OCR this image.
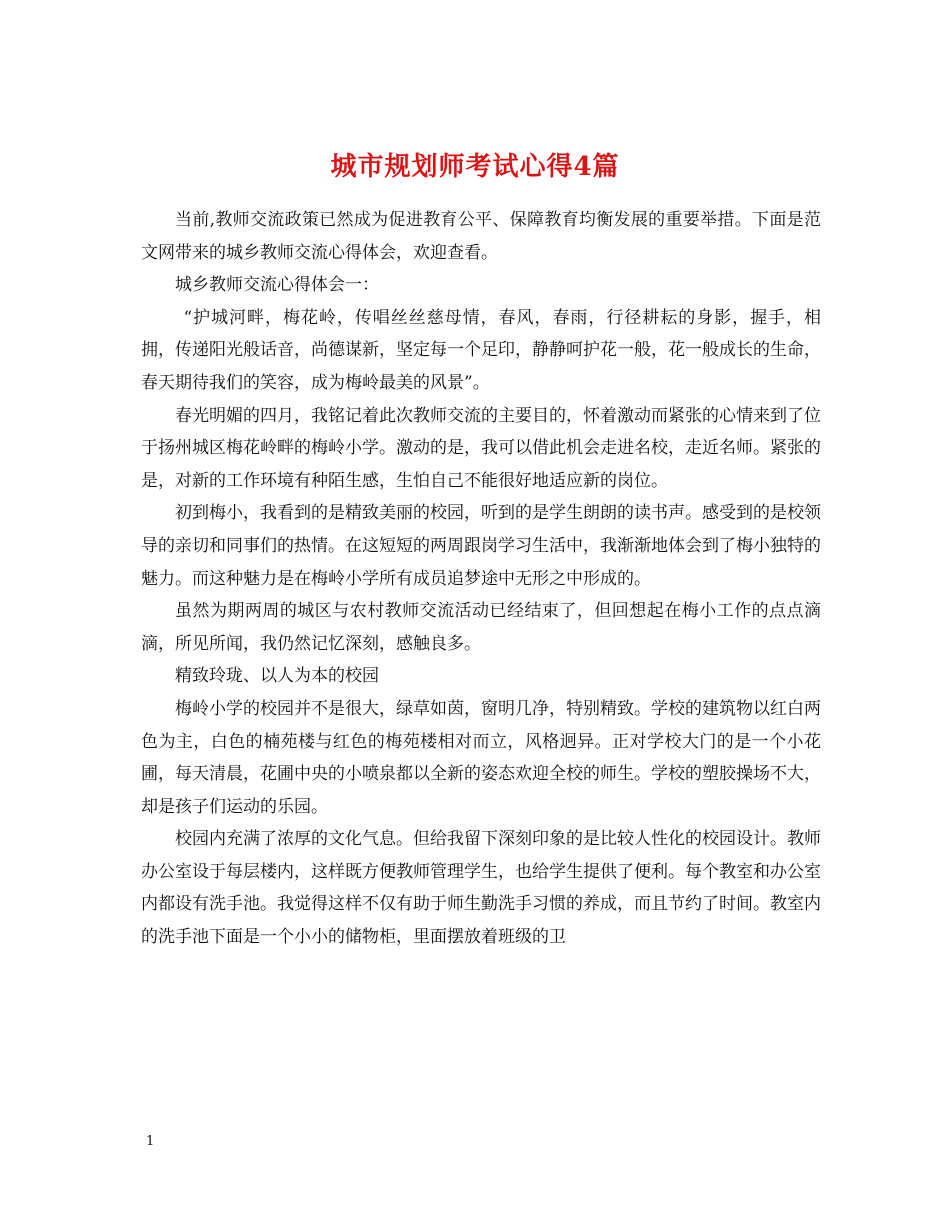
城市规划师考试心得4篇

当前,教师交流政策已然成为促进教育公平、保障教育均衡发展的重要举措。下面是范文网带来的城乡教师交流心得体会，欢迎查看。

城乡教师交流心得体会一：

“护城河畔，梅花岭，传唱丝丝慈母情，春风，春雨，行径耕耘的身影，握手，相拥，传递阳光般话音，尚德谋新，坚定每一个足印，静静呵护花一般，花一般成长的生命，春天期待我们的笑容，成为梅岭最美的风景”。

春光明媚的四月，我铭记着此次教师交流的主要目的，怀着激动而紧张的心情来到了位于扬州城区梅花岭畔的梅岭小学。激动的是，我可以借此机会走进名校，走近名师。紧张的是，对新的工作环境有种陌生感，生怕自己不能很好地适应新的岗位。

初到梅小，我看到的是精致美丽的校园，听到的是学生朗朗的读书声。感受到的是校领导的亲切和同事们的热情。在这短短的两周跟岗学习生活中，我渐渐地体会到了梅小独特的魅力。而这种魅力是在梅岭小学所有成员追梦途中无形之中形成的。

虽然为期两周的城区与农村教师交流活动已经结束了，但回想起在梅小工作的点点滴滴，所见所闻，我仍然记忆深刻，感触良多。

精致玲珑、以人为本的校园

梅岭小学的校园并不是很大，绿草如茵，窗明几净，特别精致。学校的建筑物以红白两色为主，白色的楠苑楼与红色的梅苑楼相对而立，风格迥异。正对学校大门的是一个小花圃，每天清晨，花圃中央的小喷泉都以全新的姿态欢迎全校的师生。学校的塑胶操场不大，却是孩子们运动的乐园。

校园内充满了浓厚的文化气息。但给我留下深刻印象的是比较人性化的校园设计。教师办公室设于每层楼内，这样既方便教师管理学生，也给学生提供了便利。每个教室和办公室内都设有洗手池。我觉得这样不仅有助于师生勤洗手习惯的养成，而且节约了时间。教室内的洗手池下面是一个小小的储物柜，里面摆放着班级的卫

1
